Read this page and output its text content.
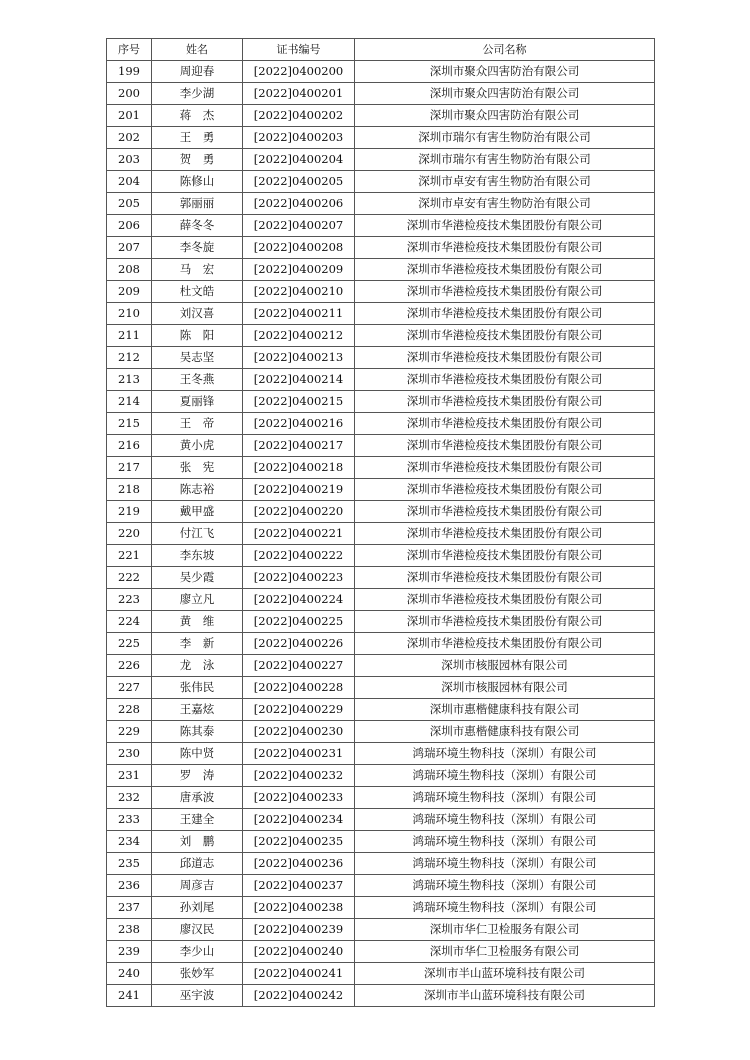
序号	姓名	证书编号	公司名称
199	周迎春	[2022]0400200	深圳市聚众四害防治有限公司
200	李少湖	[2022]0400201	深圳市聚众四害防治有限公司
201	蒋　杰	[2022]0400202	深圳市聚众四害防治有限公司
202	王　勇	[2022]0400203	深圳市瑞尔有害生物防治有限公司
203	贺　勇	[2022]0400204	深圳市瑞尔有害生物防治有限公司
204	陈修山	[2022]0400205	深圳市卓安有害生物防治有限公司
205	郭丽丽	[2022]0400206	深圳市卓安有害生物防治有限公司
206	薛冬冬	[2022]0400207	深圳市华港检疫技术集团股份有限公司
207	李冬旋	[2022]0400208	深圳市华港检疫技术集团股份有限公司
208	马　宏	[2022]0400209	深圳市华港检疫技术集团股份有限公司
209	杜文皓	[2022]0400210	深圳市华港检疫技术集团股份有限公司
210	刘汉喜	[2022]0400211	深圳市华港检疫技术集团股份有限公司
211	陈　阳	[2022]0400212	深圳市华港检疫技术集团股份有限公司
212	吴志坚	[2022]0400213	深圳市华港检疫技术集团股份有限公司
213	王冬燕	[2022]0400214	深圳市华港检疫技术集团股份有限公司
214	夏丽锋	[2022]0400215	深圳市华港检疫技术集团股份有限公司
215	王　帝	[2022]0400216	深圳市华港检疫技术集团股份有限公司
216	黄小虎	[2022]0400217	深圳市华港检疫技术集团股份有限公司
217	张　宪	[2022]0400218	深圳市华港检疫技术集团股份有限公司
218	陈志裕	[2022]0400219	深圳市华港检疫技术集团股份有限公司
219	戴甲盛	[2022]0400220	深圳市华港检疫技术集团股份有限公司
220	付江飞	[2022]0400221	深圳市华港检疫技术集团股份有限公司
221	李东坡	[2022]0400222	深圳市华港检疫技术集团股份有限公司
222	吴少霞	[2022]0400223	深圳市华港检疫技术集团股份有限公司
223	廖立凡	[2022]0400224	深圳市华港检疫技术集团股份有限公司
224	黄　维	[2022]0400225	深圳市华港检疫技术集团股份有限公司
225	李　新	[2022]0400226	深圳市华港检疫技术集团股份有限公司
226	龙　泳	[2022]0400227	深圳市核服园林有限公司
227	张伟民	[2022]0400228	深圳市核服园林有限公司
228	王嘉炫	[2022]0400229	深圳市惠楷健康科技有限公司
229	陈其泰	[2022]0400230	深圳市惠楷健康科技有限公司
230	陈中贤	[2022]0400231	鸿瑞环境生物科技（深圳）有限公司
231	罗　涛	[2022]0400232	鸿瑞环境生物科技（深圳）有限公司
232	唐承波	[2022]0400233	鸿瑞环境生物科技（深圳）有限公司
233	王建全	[2022]0400234	鸿瑞环境生物科技（深圳）有限公司
234	刘　鹏	[2022]0400235	鸿瑞环境生物科技（深圳）有限公司
235	邱道志	[2022]0400236	鸿瑞环境生物科技（深圳）有限公司
236	周彦吉	[2022]0400237	鸿瑞环境生物科技（深圳）有限公司
237	孙刘尾	[2022]0400238	鸿瑞环境生物科技（深圳）有限公司
238	廖汉民	[2022]0400239	深圳市华仁卫检服务有限公司
239	李少山	[2022]0400240	深圳市华仁卫检服务有限公司
240	张妙军	[2022]0400241	深圳市半山蓝环境科技有限公司
241	巫宇波	[2022]0400242	深圳市半山蓝环境科技有限公司
